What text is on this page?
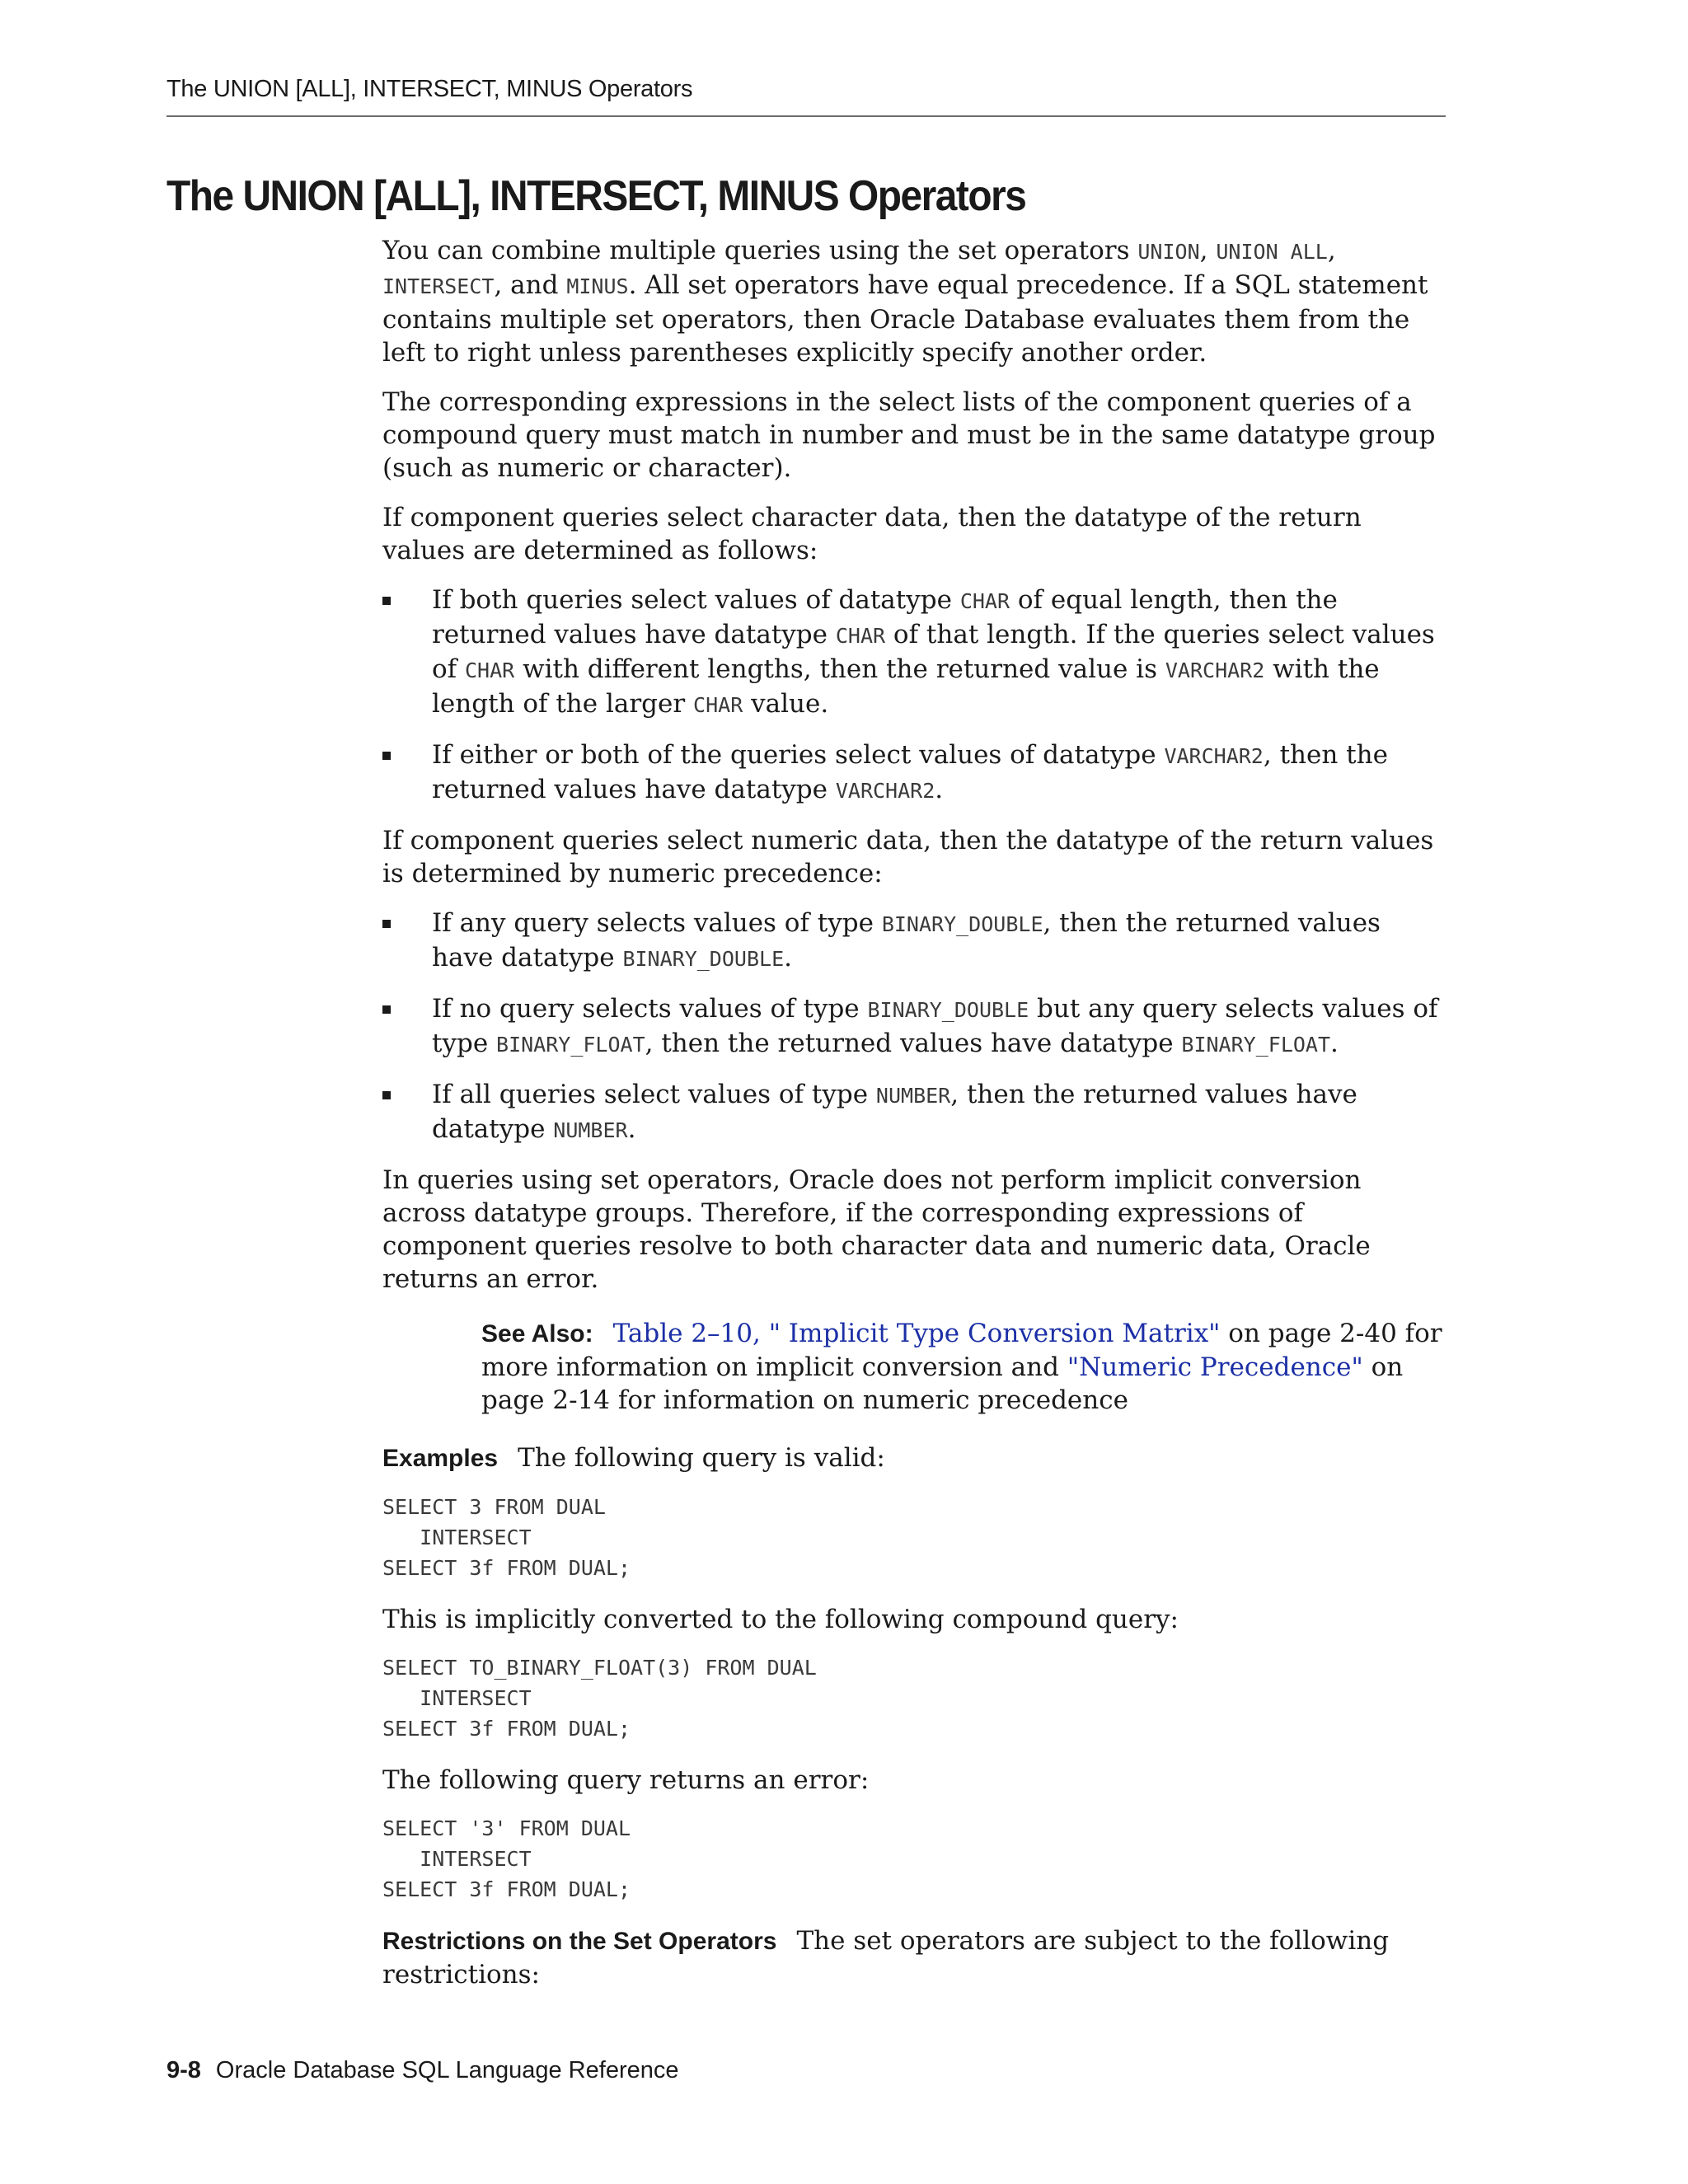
The UNION [ALL], INTERSECT, MINUS Operators
The UNION [ALL], INTERSECT, MINUS Operators

You can combine multiple queries using the set operators UNION, UNION ALL, INTERSECT, and MINUS. All set operators have equal precedence. If a SQL statement contains multiple set operators, then Oracle Database evaluates them from the left to right unless parentheses explicitly specify another order.

The corresponding expressions in the select lists of the component queries of a compound query must match in number and must be in the same datatype group (such as numeric or character).

If component queries select character data, then the datatype of the return values are determined as follows:

If both queries select values of datatype CHAR of equal length, then the returned values have datatype CHAR of that length. If the queries select values of CHAR with different lengths, then the returned value is VARCHAR2 with the length of the larger CHAR value.
If either or both of the queries select values of datatype VARCHAR2, then the returned values have datatype VARCHAR2.

If component queries select numeric data, then the datatype of the return values is determined by numeric precedence:

If any query selects values of type BINARY_DOUBLE, then the returned values have datatype BINARY_DOUBLE.
If no query selects values of type BINARY_DOUBLE but any query selects values of type BINARY_FLOAT, then the returned values have datatype BINARY_FLOAT.
If all queries select values of type NUMBER, then the returned values have datatype NUMBER.

In queries using set operators, Oracle does not perform implicit conversion across datatype groups. Therefore, if the corresponding expressions of component queries resolve to both character data and numeric data, Oracle returns an error.

See Also: Table 2–10, " Implicit Type Conversion Matrix" on page 2-40 for more information on implicit conversion and "Numeric Precedence" on page 2-14 for information on numeric precedence

Examples The following query is valid:

SELECT 3 FROM DUAL
INTERSECT
SELECT 3f FROM DUAL;

This is implicitly converted to the following compound query:

SELECT TO_BINARY_FLOAT(3) FROM DUAL
INTERSECT
SELECT 3f FROM DUAL;

The following query returns an error:

SELECT '3' FROM DUAL
INTERSECT
SELECT 3f FROM DUAL;

Restrictions on the Set Operators The set operators are subject to the following restrictions:

9-8 Oracle Database SQL Language Reference
